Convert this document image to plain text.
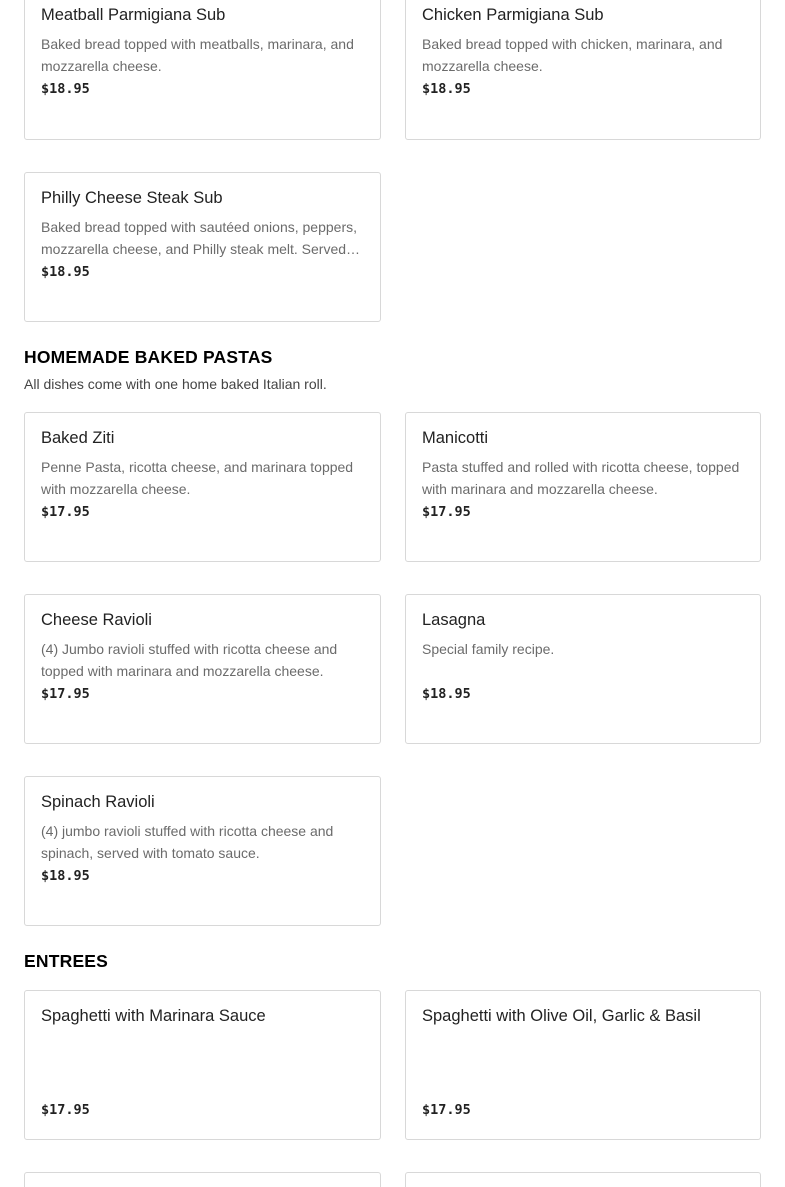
Meatball Parmigiana Sub
Baked bread topped with meatballs, marinara, and mozzarella cheese.
$18.95
Chicken Parmigiana Sub
Baked bread topped with chicken, marinara, and mozzarella cheese.
$18.95
Philly Cheese Steak Sub
Baked bread topped with sautéed onions, peppers, mozzarella cheese, and Philly steak melt. Served…
$18.95
HOMEMADE BAKED PASTAS
All dishes come with one home baked Italian roll.
Baked Ziti
Penne Pasta, ricotta cheese, and marinara topped with mozzarella cheese.
$17.95
Manicotti
Pasta stuffed and rolled with ricotta cheese, topped with marinara and mozzarella cheese.
$17.95
Cheese Ravioli
(4) Jumbo ravioli stuffed with ricotta cheese and topped with marinara and mozzarella cheese.
$17.95
Lasagna
Special family recipe.
$18.95
Spinach Ravioli
(4) jumbo ravioli stuffed with ricotta cheese and spinach, served with tomato sauce.
$18.95
ENTREES
Spaghetti with Marinara Sauce
$17.95
Spaghetti with Olive Oil, Garlic & Basil
$17.95
